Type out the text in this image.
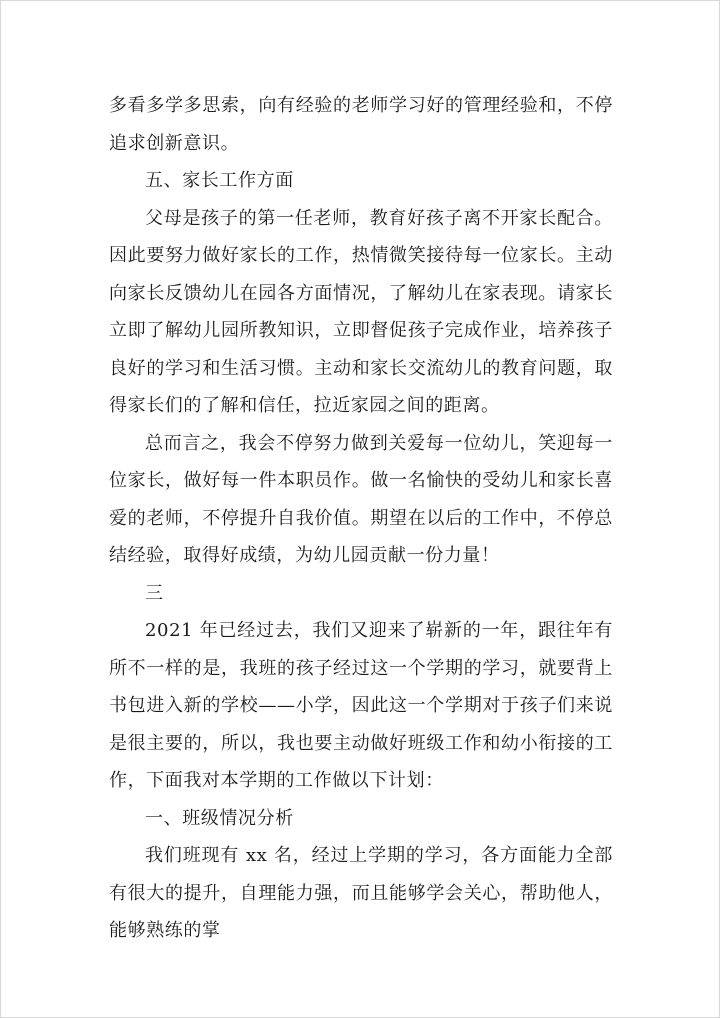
多看多学多思索，向有经验的老师学习好的管理经验和，不停追求创新意识。

五、家长工作方面

父母是孩子的第一任老师，教育好孩子离不开家长配合。因此要努力做好家长的工作，热情微笑接待每一位家长。主动向家长反馈幼儿在园各方面情况，了解幼儿在家表现。请家长立即了解幼儿园所教知识，立即督促孩子完成作业，培养孩子良好的学习和生活习惯。主动和家长交流幼儿的教育问题，取得家长们的了解和信任，拉近家园之间的距离。

总而言之，我会不停努力做到关爱每一位幼儿，笑迎每一位家长，做好每一件本职员作。做一名愉快的受幼儿和家长喜爱的老师，不停提升自我价值。期望在以后的工作中，不停总结经验，取得好成绩，为幼儿园贡献一份力量！

三

2021 年已经过去，我们又迎来了崭新的一年，跟往年有所不一样的是，我班的孩子经过这一个学期的学习，就要背上书包进入新的学校——小学，因此这一个学期对于孩子们来说是很主要的，所以，我也要主动做好班级工作和幼小衔接的工作，下面我对本学期的工作做以下计划：

一、班级情况分析

我们班现有 xx 名，经过上学期的学习，各方面能力全部有很大的提升，自理能力强，而且能够学会关心，帮助他人，能够熟练的掌
